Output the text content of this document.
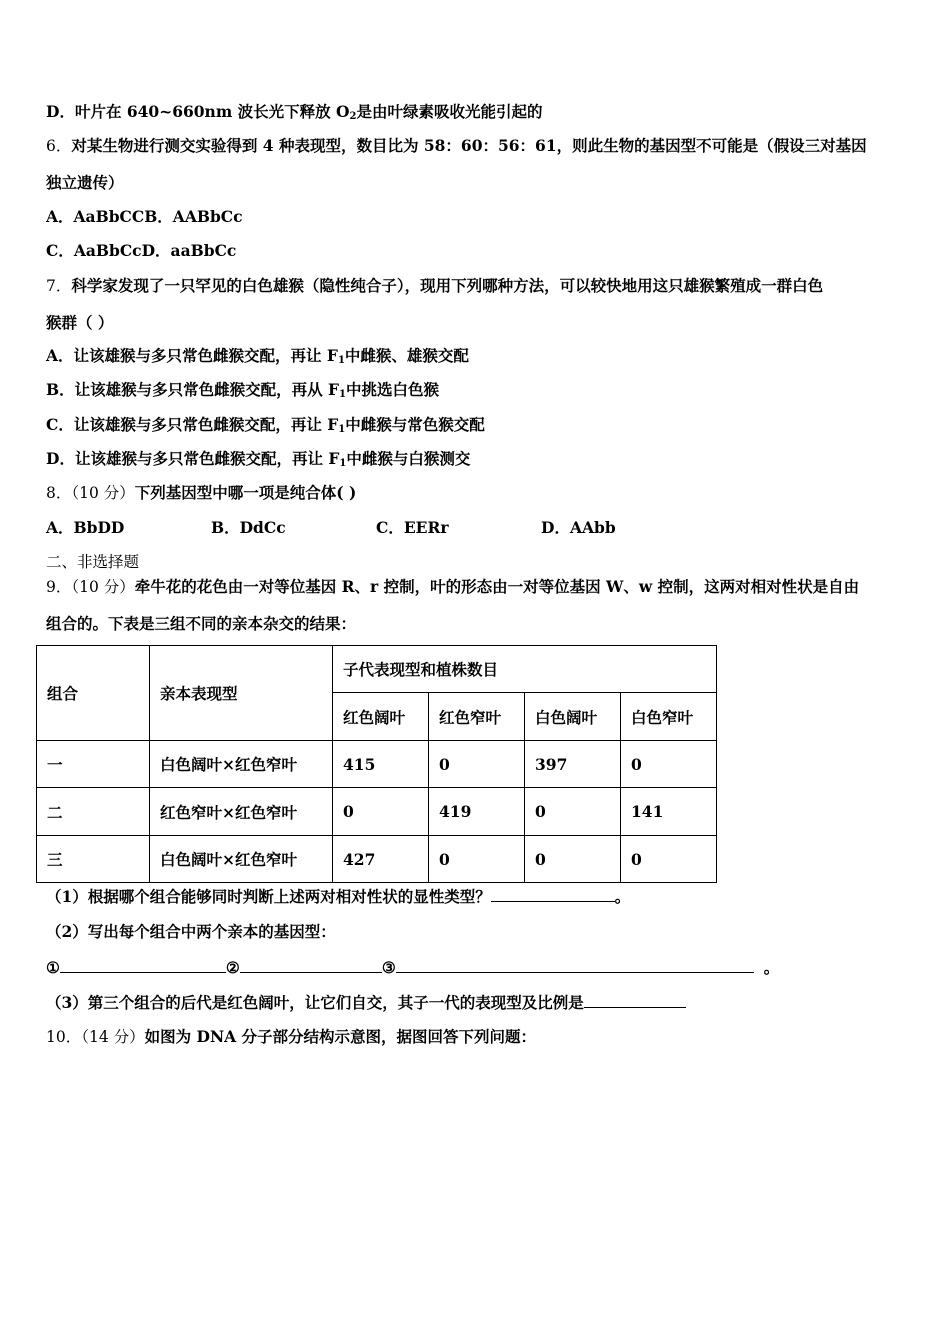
D．叶片在 640~660nm 波长光下释放 $O_2$是由叶绿素吸收光能引起的
6．对某生物进行测交实验得到 4 种表现型，数目比为 58：60：56：61，则此生物的基因型不可能是（假设三对基因
独立遗传）
A．AaBbCCB．AABbCc
C．AaBbCcD．aaBbCc
7．科学家发现了一只罕见的白色雄猴（隐性纯合子），现用下列哪种方法，可以较快地用这只雄猴繁殖成一群白色
猴群（ ）
A．让该雄猴与多只常色雌猴交配，再让 $F_1$中雌猴、雄猴交配
B．让该雄猴与多只常色雌猴交配，再从 $F_1$中挑选白色猴
C．让该雄猴与多只常色雌猴交配，再让 $F_1$中雌猴与常色猴交配
D．让该雄猴与多只常色雌猴交配，再让 $F_1$中雌猴与白猴测交
8．（10 分）下列基因型中哪一项是纯合体( )
A．BbDD	B．DdCc	C．EERr	D．AAbb
二、非选择题
9．（10 分）牵牛花的花色由一对等位基因 R、r 控制，叶的形态由一对等位基因 W、w 控制，这两对相对性状是自由
组合的。下表是三组不同的亲本杂交的结果：
组合	亲本表现型	子代表现型和植株数目			
		红色阔叶	红色窄叶	白色阔叶	白色窄叶
一	白色阔叶×红色窄叶	415	0	397	0
二	红色窄叶×红色窄叶	0	419	0	141
三	白色阔叶×红色窄叶	427	0	0	0
（1）根据哪个组合能够同时判断上述两对相对性状的显性类型？	。
（2）写出每个组合中两个亲本的基因型：
①	②	③	。
（3）第三个组合的后代是红色阔叶，让它们自交，其子一代的表现型及比例是
10．（14 分）如图为 DNA 分子部分结构示意图，据图回答下列问题：
